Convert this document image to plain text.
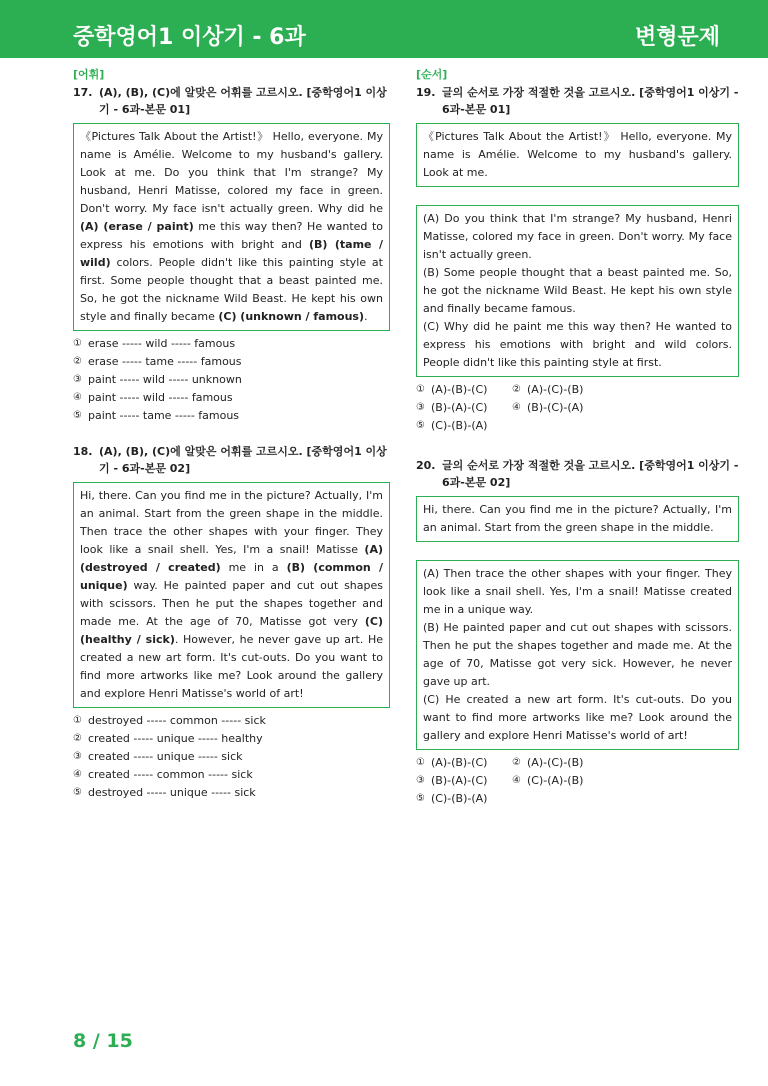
중학영어1 이상기 - 6과	변형문제
[어휘]
17. (A), (B), (C)에 알맞은 어휘를 고르시오. [중학영어1 이상기 - 6과-본문 01]

《Pictures Talk About the Artist!》 Hello, everyone. My name is Amélie. Welcome to my husband's gallery. Look at me. Do you think that I'm strange? My husband, Henri Matisse, colored my face in green. Don't worry. My face isn't actually green. Why did he (A) (erase / paint) me this way then? He wanted to express his emotions with bright and (B) (tame / wild) colors. People didn't like this painting style at first. Some people thought that a beast painted me. So, he got the nickname Wild Beast. He kept his own style and finally became (C) (unknown / famous).

① erase ----- wild ----- famous
② erase ----- tame ----- famous
③ paint ----- wild ----- unknown
④ paint ----- wild ----- famous
⑤ paint ----- tame ----- famous
18. (A), (B), (C)에 알맞은 어휘를 고르시오. [중학영어1 이상기 - 6과-본문 02]

Hi, there. Can you find me in the picture? Actually, I'm an animal. Start from the green shape in the middle. Then trace the other shapes with your finger. They look like a snail shell. Yes, I'm a snail! Matisse (A) (destroyed / created) me in a (B) (common / unique) way. He painted paper and cut out shapes with scissors. Then he put the shapes together and made me. At the age of 70, Matisse got very (C) (healthy / sick). However, he never gave up art. He created a new art form. It's cut-outs. Do you want to find more artworks like me? Look around the gallery and explore Henri Matisse's world of art!

① destroyed ----- common ----- sick
② created ----- unique ----- healthy
③ created ----- unique ----- sick
④ created ----- common ----- sick
⑤ destroyed ----- unique ----- sick
[순서]
19. 글의 순서로 가장 적절한 것을 고르시오. [중학영어1 이상기 - 6과-본문 01]

《Pictures Talk About the Artist!》 Hello, everyone. My name is Amélie. Welcome to my husband's gallery. Look at me.

(A) Do you think that I'm strange? My husband, Henri Matisse, colored my face in green. Don't worry. My face isn't actually green.

(B) Some people thought that a beast painted me. So, he got the nickname Wild Beast. He kept his own style and finally became famous.

(C) Why did he paint me this way then? He wanted to express his emotions with bright and wild colors. People didn't like this painting style at first.

① (A)-(B)-(C) ② (A)-(C)-(B)
③ (B)-(A)-(C) ④ (B)-(C)-(A)
⑤ (C)-(B)-(A)
20. 글의 순서로 가장 적절한 것을 고르시오. [중학영어1 이상기 - 6과-본문 02]

Hi, there. Can you find me in the picture? Actually, I'm an animal. Start from the green shape in the middle.

(A) Then trace the other shapes with your finger. They look like a snail shell. Yes, I'm a snail! Matisse created me in a unique way.

(B) He painted paper and cut out shapes with scissors. Then he put the shapes together and made me. At the age of 70, Matisse got very sick. However, he never gave up art.

(C) He created a new art form. It's cut-outs. Do you want to find more artworks like me? Look around the gallery and explore Henri Matisse's world of art!

① (A)-(B)-(C) ② (A)-(C)-(B)
③ (B)-(A)-(C) ④ (C)-(A)-(B)
⑤ (C)-(B)-(A)
8 / 15
